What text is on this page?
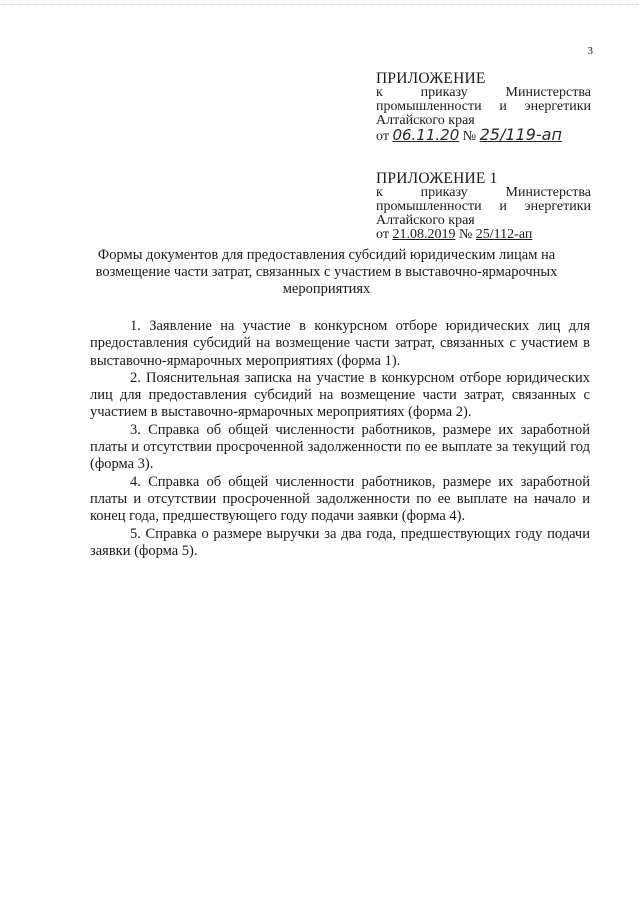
3
ПРИЛОЖЕНИЕ
к	приказу	Министерства
промышленности и энергетики
Алтайского края
от 06.11.20 № 25/119-ап
ПРИЛОЖЕНИЕ 1
к	приказу	Министерства
промышленности и энергетики
Алтайского края
от 21.08.2019 № 25/112-ап
Формы документов для предоставления субсидий юридическим лицам на возмещение части затрат, связанных с участием в выставочно-ярмарочных мероприятиях

1. Заявление на участие в конкурсном отборе юридических лиц для предоставления субсидий на возмещение части затрат, связанных с участием в выставочно-ярмарочных мероприятиях (форма 1).

2. Пояснительная записка на участие в конкурсном отборе юридических лиц для предоставления субсидий на возмещение части затрат, связанных с участием в выставочно-ярмарочных мероприятиях (форма 2).

3. Справка об общей численности работников, размере их заработной платы и отсутствии просроченной задолженности по ее выплате за текущий год (форма 3).

4. Справка об общей численности работников, размере их заработной платы и отсутствии просроченной задолженности по ее выплате на начало и конец года, предшествующего году подачи заявки (форма 4).

5. Справка о размере выручки за два года, предшествующих году подачи заявки (форма 5).
